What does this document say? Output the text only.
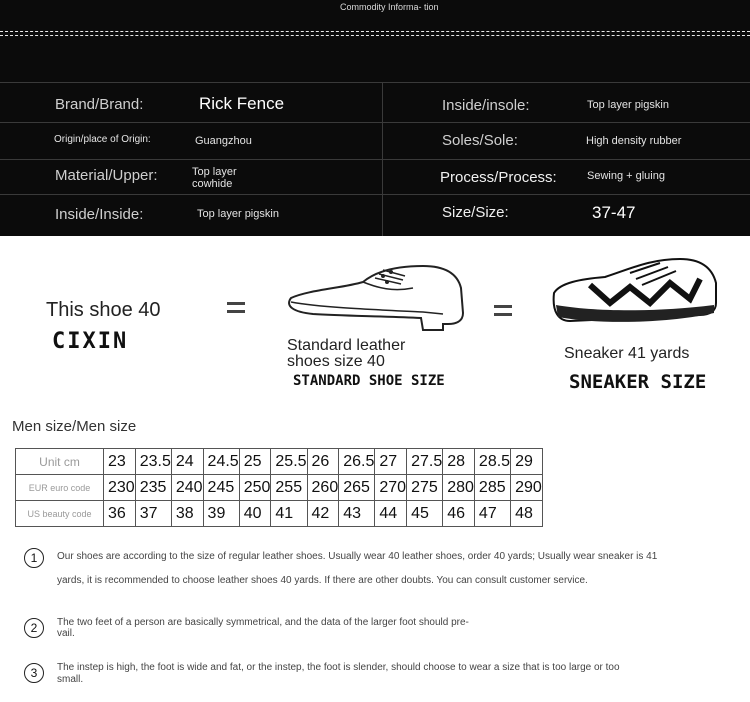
Commodity Informa- tion
Brand/Brand:	Rick Fence	Inside/insole:	Top layer pigskin
Origin/place of Origin:	Guangzhou	Soles/Sole:	High density rubber
Material/Upper:	Top layer cowhide	Process/Process:	Sewing + gluing
Inside/Inside:	Top layer pigskin	Size/Size:	37-47
This shoe 40
CIXIN	Standard leather
shoes size 40
STANDARD SHOE SIZE
Sneaker 41 yards
SNEAKER SIZE
Men size/Men size
Unit cm	23	23.5	24	24.5	25	25.5	26	26.5	27	27.5	28	28.5	29
EUR euro code	230	235	240	245	250	255	260	265	270	275	280	285	290
US beauty code	36	37	38	39	40	41	42	43	44	45	46	47	48
1	Our shoes are according to the size of regular leather shoes. Usually wear 40 leather shoes, order 40 yards; Usually wear sneaker is 41
yards, it is recommended to choose leather shoes 40 yards. If there are other doubts. You can consult customer service.
2	The two feet of a person are basically symmetrical, and the data of the larger foot should pre-
vail.
3	The instep is high, the foot is wide and fat, or the instep, the foot is slender, should choose to wear a size that is too large or too
small.
